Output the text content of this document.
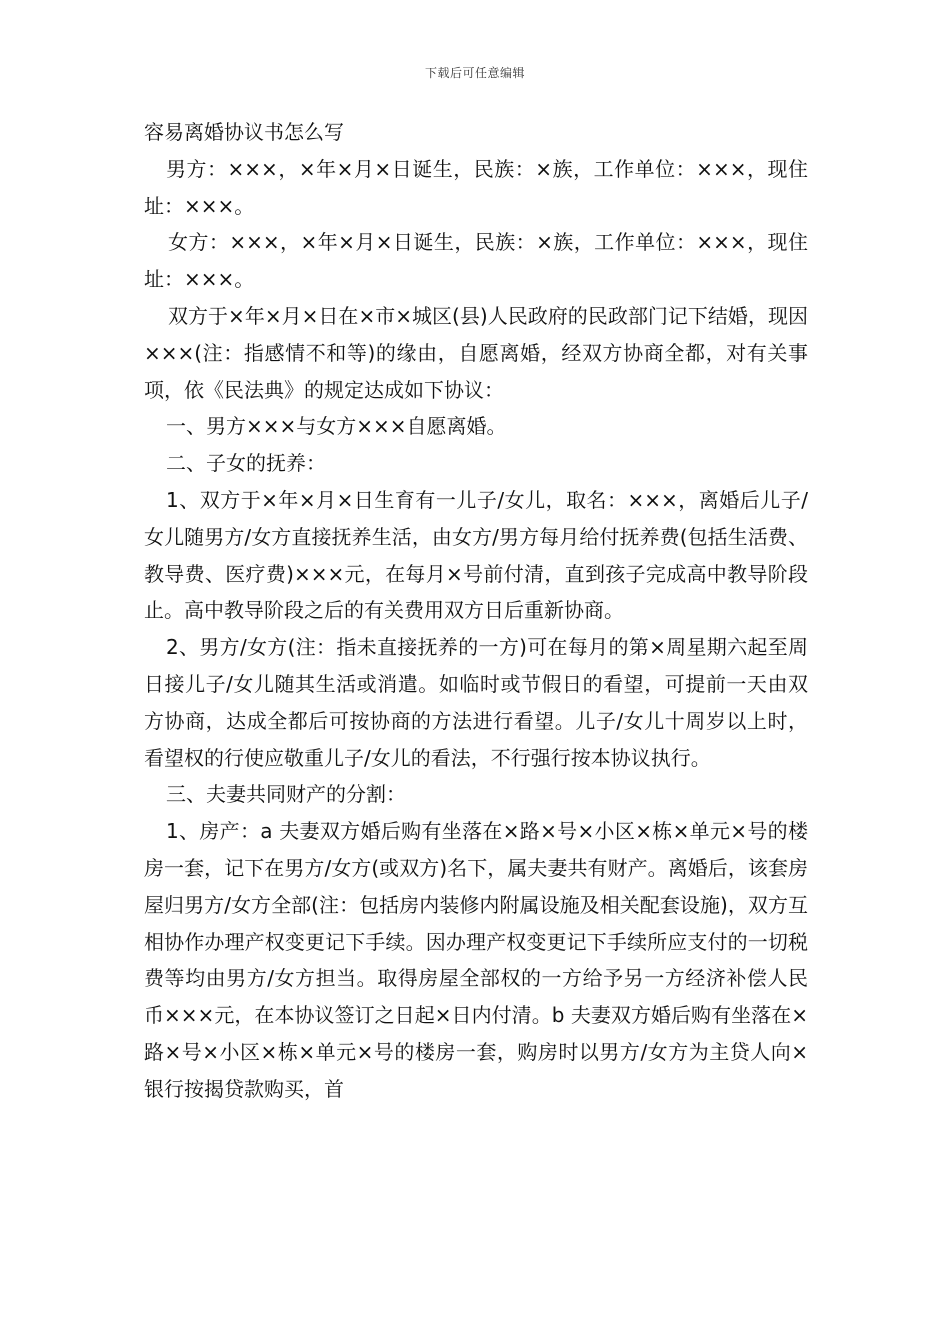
下载后可任意编辑

容易离婚协议书怎么写

男方：×××，×年×月×日诞生，民族：×族，工作单位：×××，现住址：×××。

女方：×××，×年×月×日诞生，民族：×族，工作单位：×××，现住址：×××。

双方于×年×月×日在×市×城区(县)人民政府的民政部门记下结婚，现因×××(注：指感情不和等)的缘由，自愿离婚，经双方协商全都，对有关事项，依《民法典》的规定达成如下协议：

一、男方×××与女方×××自愿离婚。

二、子女的抚养：

1、双方于×年×月×日生育有一儿子/女儿，取名：×××，离婚后儿子/女儿随男方/女方直接抚养生活，由女方/男方每月给付抚养费(包括生活费、教导费、医疗费)×××元，在每月×号前付清，直到孩子完成高中教导阶段止。高中教导阶段之后的有关费用双方日后重新协商。

2、男方/女方(注：指未直接抚养的一方)可在每月的第×周星期六起至周日接儿子/女儿随其生活或消遣。如临时或节假日的看望，可提前一天由双方协商，达成全都后可按协商的方法进行看望。儿子/女儿十周岁以上时，看望权的行使应敬重儿子/女儿的看法，不行强行按本协议执行。

三、夫妻共同财产的分割：

1、房产：a 夫妻双方婚后购有坐落在×路×号×小区×栋×单元×号的楼房一套，记下在男方/女方(或双方)名下，属夫妻共有财产。离婚后，该套房屋归男方/女方全部(注：包括房内装修内附属设施及相关配套设施)，双方互相协作办理产权变更记下手续。因办理产权变更记下手续所应支付的一切税费等均由男方/女方担当。取得房屋全部权的一方给予另一方经济补偿人民币×××元，在本协议签订之日起×日内付清。b 夫妻双方婚后购有坐落在×路×号×小区×栋×单元×号的楼房一套，购房时以男方/女方为主贷人向×银行按揭贷款购买，首
